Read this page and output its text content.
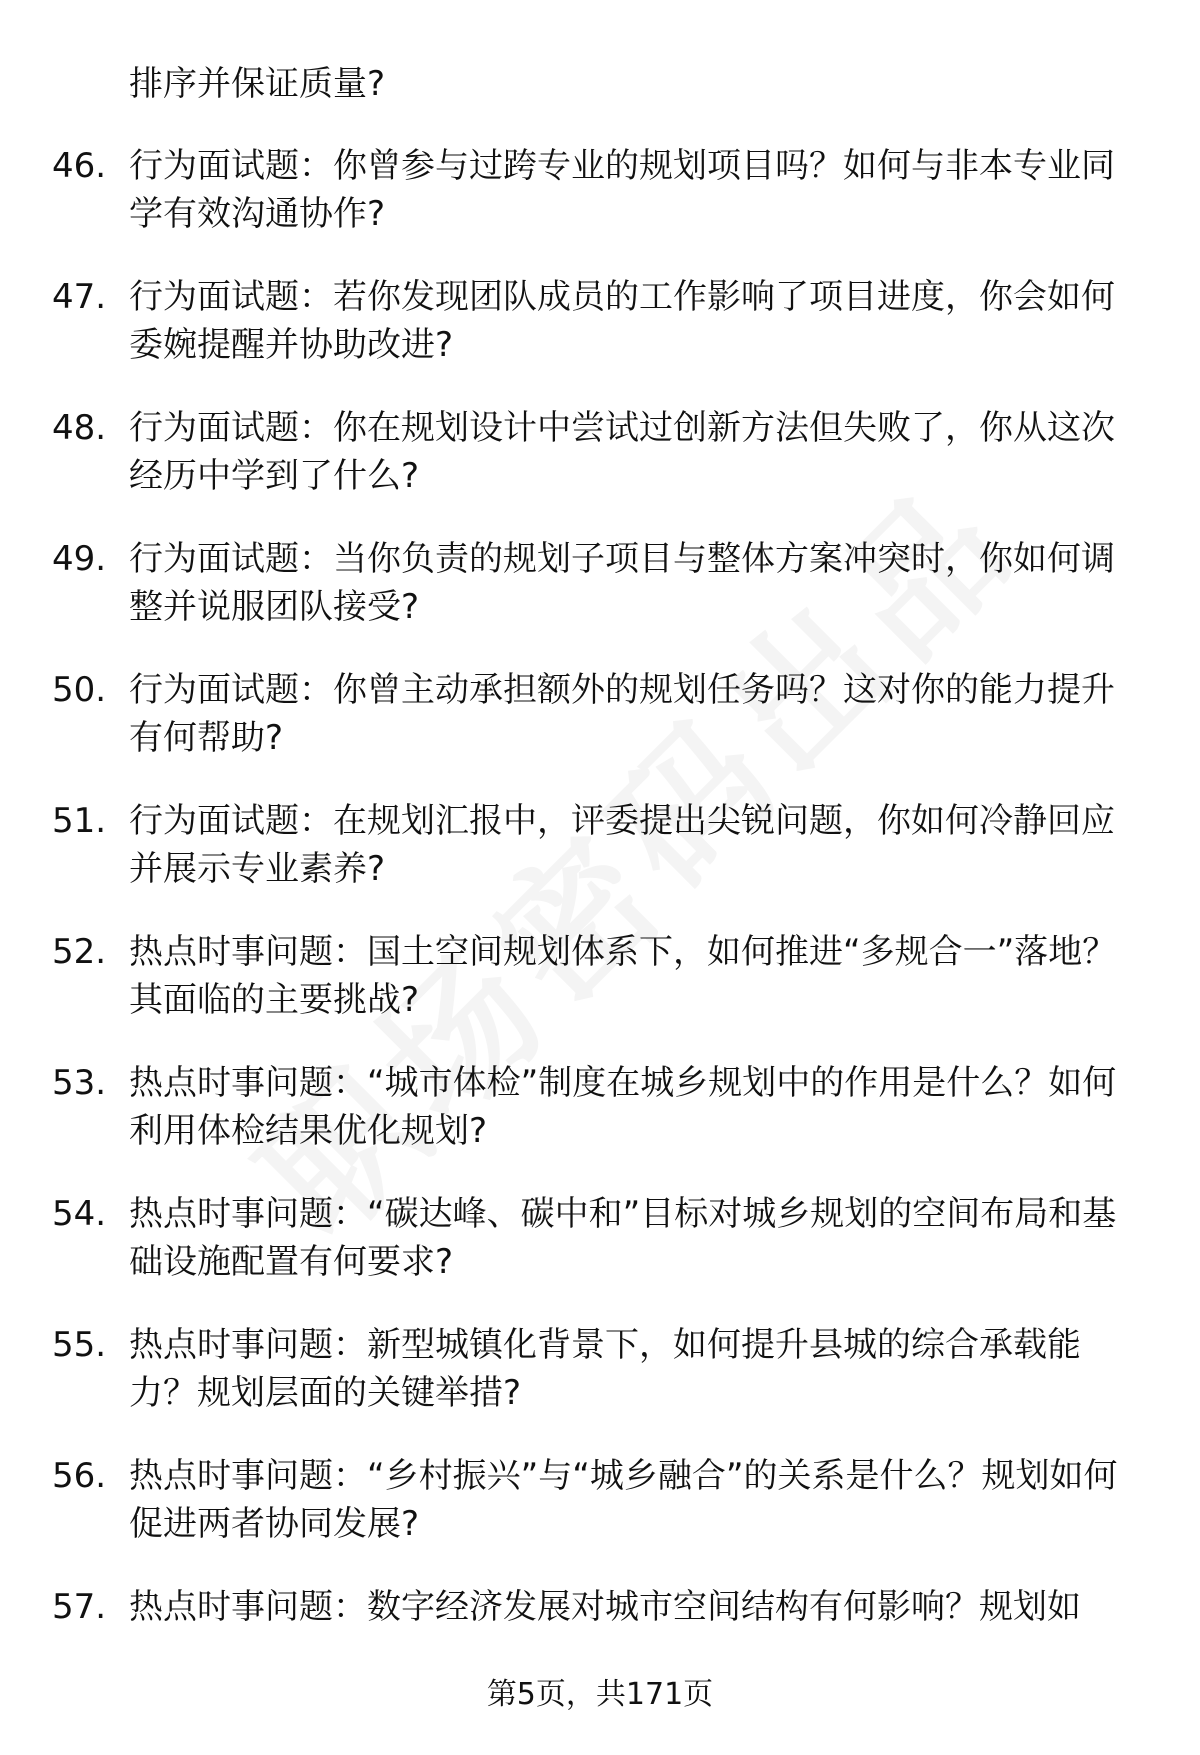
排序并保证质量?
46. 行为面试题：你曾参与过跨专业的规划项目吗？如何与非本专业同学有效沟通协作?
47. 行为面试题：若你发现团队成员的工作影响了项目进度，你会如何委婉提醒并协助改进?
48. 行为面试题：你在规划设计中尝试过创新方法但失败了，你从这次经历中学到了什么?
49. 行为面试题：当你负责的规划子项目与整体方案冲突时，你如何调整并说服团队接受?
50. 行为面试题：你曾主动承担额外的规划任务吗？这对你的能力提升有何帮助?
51. 行为面试题：在规划汇报中，评委提出尖锐问题，你如何冷静回应并展示专业素养?
52. 热点时事问题：国土空间规划体系下，如何推进“多规合一”落地？其面临的主要挑战?
53. 热点时事问题：“城市体检”制度在城乡规划中的作用是什么？如何利用体检结果优化规划?
54. 热点时事问题：“碳达峰、碳中和”目标对城乡规划的空间布局和基础设施配置有何要求?
55. 热点时事问题：新型城镇化背景下，如何提升县城的综合承载能力？规划层面的关键举措?
56. 热点时事问题：“乡村振兴”与“城乡融合”的关系是什么？规划如何促进两者协同发展?
57. 热点时事问题：数字经济发展对城市空间结构有何影响？规划如
第5页，共171页
